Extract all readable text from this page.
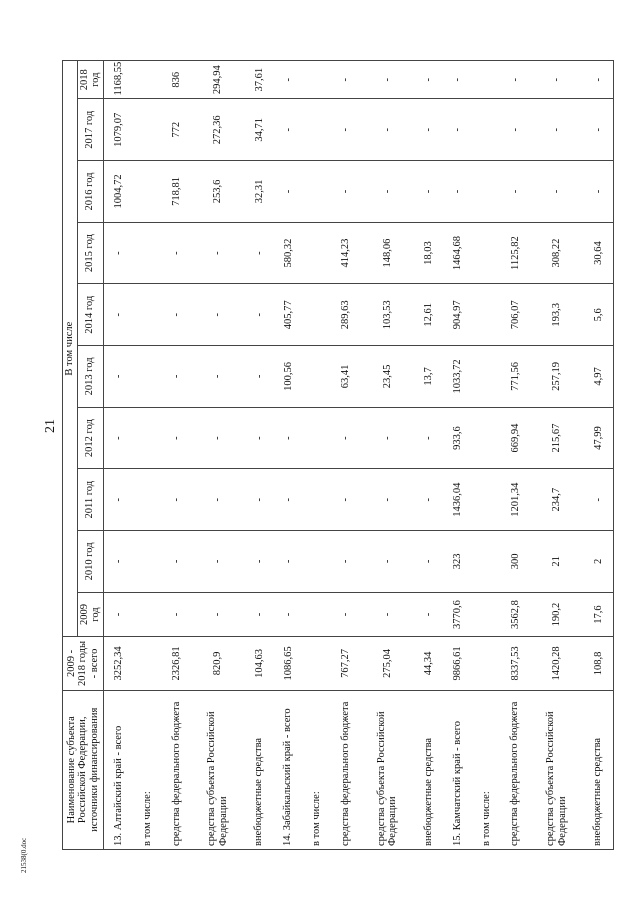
21
21538(0.doc
Наименование субъекта Российской Федерации, источники финансирования	2009 - 2018 годы - всего	В том числе									
		2009 год	2010 год	2011 год	2012 год	2013 год	2014 год	2015 год	2016 год	2017 год	2018 год
13. Алтайский край - всего	3252,34	-	-	-	-	-	-	-	1004,72	1079,07	1168,55
в том числе:											
средства федерального бюджета	2326,81	-	-	-	-	-	-	-	718,81	772	836
средства субъекта Российской Федерации	820,9	-	-	-	-	-	-	-	253,6	272,36	294,94
внебюджетные средства	104,63	-	-	-	-	-	-	-	32,31	34,71	37,61
14. Забайкальский край - всего	1086,65	-	-	-	-	100,56	405,77	580,32	-	-	-
в том числе:											
средства федерального бюджета	767,27	-	-	-	-	63,41	289,63	414,23	-	-	-
средства субъекта Российской Федерации	275,04	-	-	-	-	23,45	103,53	148,06	-	-	-
внебюджетные средства	44,34	-	-	-	-	13,7	12,61	18,03	-	-	-
15. Камчатский край - всего	9866,61	3770,6	323	1436,04	933,6	1033,72	904,97	1464,68	-	-	-
в том числе:											
средства федерального бюджета	8337,53	3562,8	300	1201,34	669,94	771,56	706,07	1125,82	-	-	-
средства субъекта Российской Федерации	1420,28	190,2	21	234,7	215,67	257,19	193,3	308,22	-	-	-
внебюджетные средства	108,8	17,6	2	-	47,99	4,97	5,6	30,64	-	-	-
